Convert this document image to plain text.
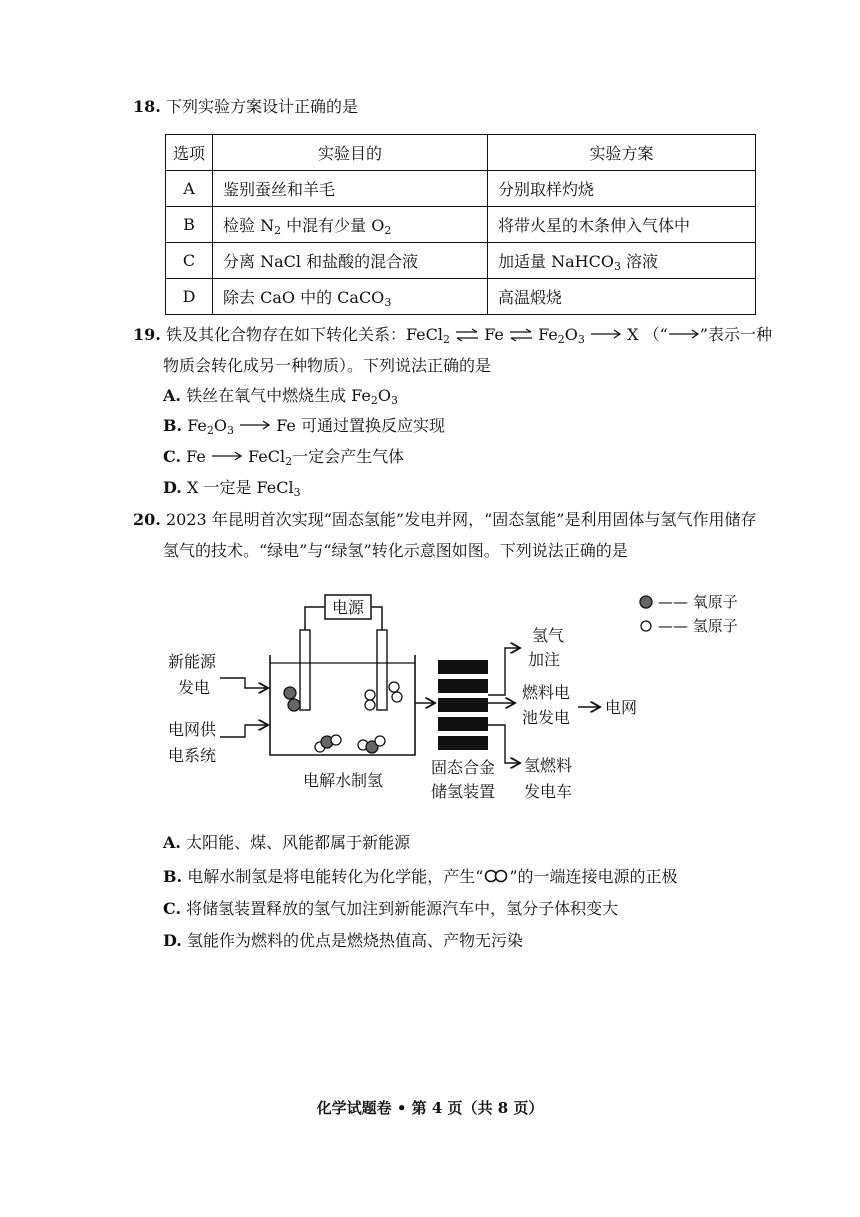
18. 下列实验方案设计正确的是
选项	实验目的	实验方案
A	鉴别蚕丝和羊毛	分别取样灼烧
B	检验 $N_2$ 中混有少量 $O_2$	将带火星的木条伸入气体中
C	分离 NaCl 和盐酸的混合液	加适量 NaHCO$_3$ 溶液
D	除去 CaO 中的 CaCO$_3$	高温煅烧
19. 铁及其化合物存在如下转化关系：FeCl$_2$ ⇌ Fe ⇌ $Fe_2O_3$	X （“ ”表示一种
物质会转化成另一种物质）。下列说法正确的是
A. 铁丝在氧气中燃烧生成 $Fe_2O_3$
B. $Fe_2O_3$	Fe 可通过置换反应实现
C. Fe	FeCl$_2$一定会产生气体
D. X 一定是 FeCl$_3$
20. 2023 年昆明首次实现“固态氢能”发电并网，“固态氢能”是利用固体与氢气作用储存
氢气的技术。“绿电”与“绿氢”转化示意图如图。下列说法正确的是
电源
新能源
发电
电网供
电系统
电解水制氢
固态合金
储氢装置
氢气
加注
燃料电
池发电
电网
氢燃料
发电车
—— 氧原子
—— 氢原子
A. 太阳能、煤、风能都属于新能源
B. 电解水制氢是将电能转化为化学能，产生“ ”的一端连接电源的正极
C. 将储氢装置释放的氢气加注到新能源汽车中，氢分子体积变大
D. 氢能作为燃料的优点是燃烧热值高、产物无污染
化学试题卷 • 第 4 页（共 8 页）
